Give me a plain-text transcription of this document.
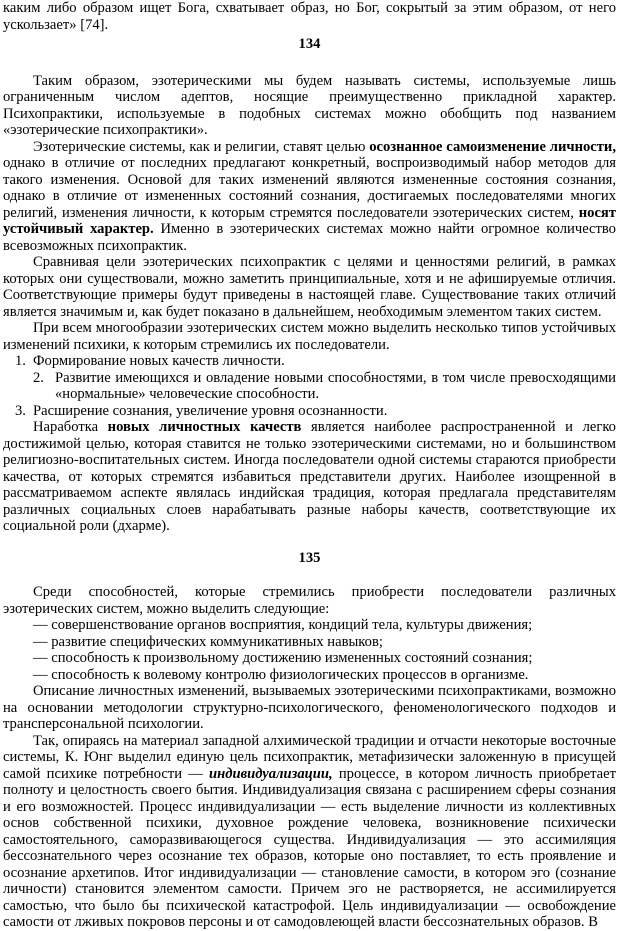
каким либо образом ищет Бога, схватывает образ, но Бог, сокрытый за этим образом, от него ускользает» [74].

134

Таким образом, эзотерическими мы будем называть системы, используемые лишь ограниченным числом адептов, носящие преимущественно прикладной характер. Психопрактики, используемые в подобных системах можно обобщить под названием «эзотерические психопрактики».

Эзотерические системы, как и религии, ставят целью осознанное самоизменение личности, однако в отличие от последних предлагают конкретный, воспроизводимый набор методов для такого изменения. Основой для таких изменений являются измененные состояния сознания, однако в отличие от измененных состояний сознания, достигаемых последователями многих религий, изменения личности, к которым стремятся последователи эзотерических систем, носят устойчивый характер. Именно в эзотерических системах можно найти огромное количество всевозможных психопрактик.

Сравнивая цели эзотерических психопрактик с целями и ценностями религий, в рамках которых они существовали, можно заметить принципиальные, хотя и не афишируемые отличия. Соответствующие примеры будут приведены в настоящей главе. Существование таких отличий является значимым и, как будет показано в дальнейшем, необходимым элементом таких систем.

При всем многообразии эзотерических систем можно выделить несколько типов устойчивых изменений психики, к которым стремились их последователи.

1. Формирование новых качеств личности.

2. Развитие имеющихся и овладение новыми способностями, в том числе превосходящими «нормальные» человеческие способности.

3. Расширение сознания, увеличение уровня осознанности.

Наработка новых личностных качеств является наиболее распространенной и легко достижимой целью, которая ставится не только эзотерическими системами, но и большинством религиозно-воспитательных систем. Иногда последователи одной системы стараются приобрести качества, от которых стремятся избавиться представители других. Наиболее изощренной в рассматриваемом аспекте являлась индийская традиция, которая предлагала представителям различных социальных слоев нарабатывать разные наборы качеств, соответствующие их социальной роли (дхарме).

135

Среди способностей, которые стремились приобрести последователи различных эзотерических систем, можно выделить следующие:

— совершенствование органов восприятия, кондиций тела, культуры движения;

— развитие специфических коммуникативных навыков;

— способность к произвольному достижению измененных состояний сознания;

— способность к волевому контролю физиологических процессов в организме.

Описание личностных изменений, вызываемых эзотерическими психопрактиками, возможно на основании методологии структурно-психологического, феноменологического подходов и трансперсональной психологии.

Так, опираясь на материал западной алхимической традиции и отчасти некоторые восточные системы, К. Юнг выделил единую цель психопрактик, метафизически заложенную в присущей самой психике потребности — индивидуализации, процессе, в котором личность приобретает полноту и целостность своего бытия. Индивидуализация связана с расширением сферы сознания и его возможностей. Процесс индивидуализации — есть выделение личности из коллективных основ собственной психики, духовное рождение человека, возникновение психически самостоятельного, саморазвивающегося существа. Индивидуализация — это ассимиляция бессознательного через осознание тех образов, которые оно поставляет, то есть проявление и осознание архетипов. Итог индивидуализации — становление самости, в котором эго (сознание личности) становится элементом самости. Причем эго не растворяется, не ассимилируется самостью, что было бы психической катастрофой. Цель индивидуализации — освобождение самости от лживых покровов персоны и от самодовлеющей власти бессознательных образов. В
